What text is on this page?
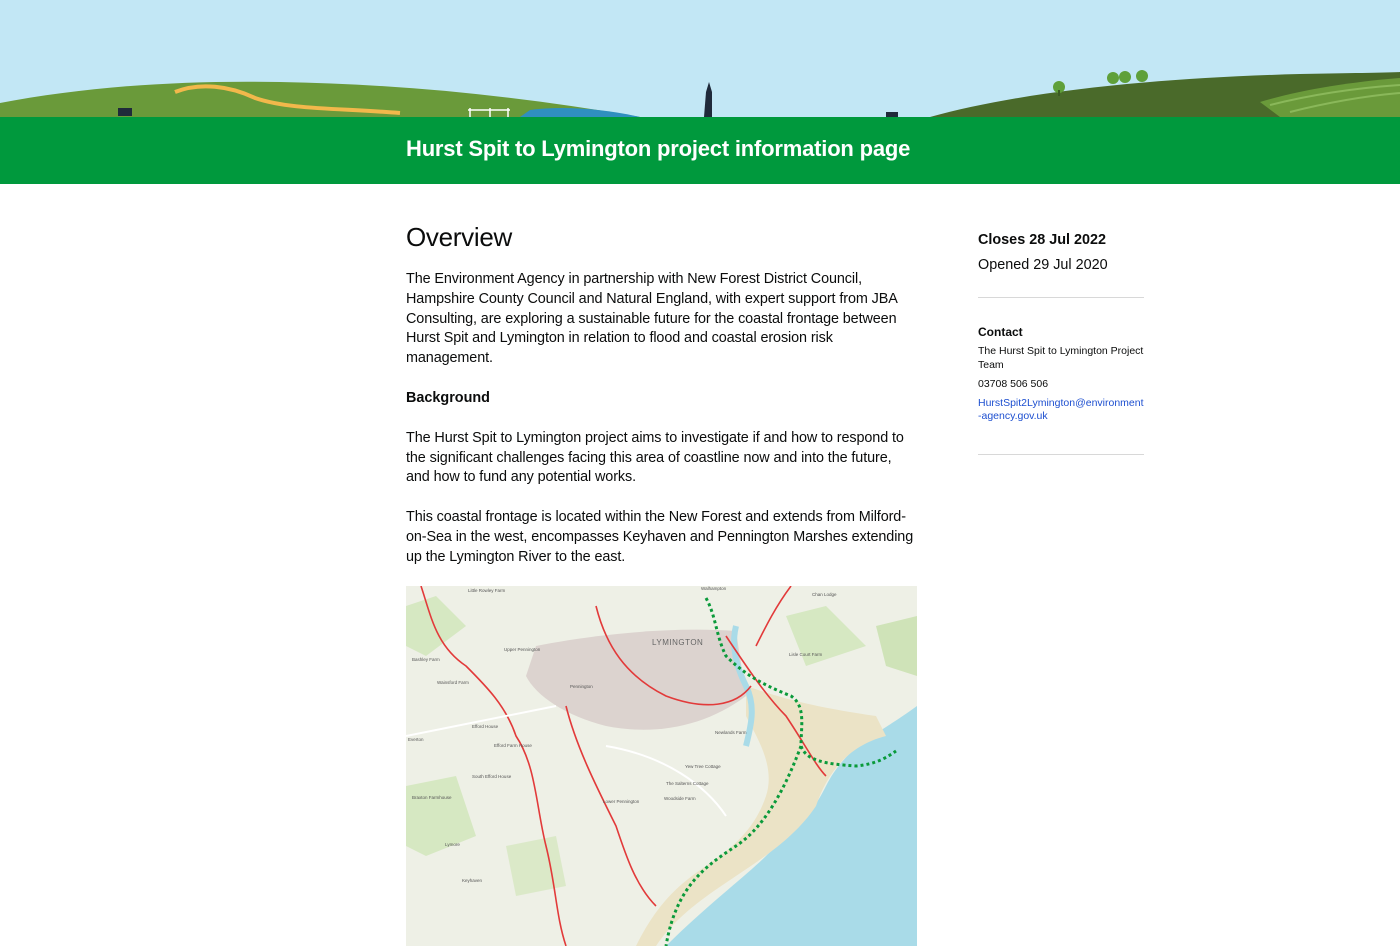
Hurst Spit to Lymington project information page
Overview

The Environment Agency in partnership with New Forest District Council, Hampshire County Council and Natural England, with expert support from JBA Consulting, are exploring a sustainable future for the coastal frontage between Hurst Spit and Lymington in relation to flood and coastal erosion risk management.

Background

The Hurst Spit to Lymington project aims to investigate if and how to respond to the significant challenges facing this area of coastline now and into the future, and how to fund any potential works.

This coastal frontage is located within the New Forest and extends from Milford-on-Sea in the west, encompasses Keyhaven and Pennington Marshes extending up the Lymington River to the east.

LYMINGTON
Little Rowley Farm	Walhampton
Upper Pennington
Bashley Farm
Wainsford Farm
Pennington
Efford House
Efford Farm House
Everton
South Efford House
Braxton Farmhouse
Lower Pennington
Woodside Farm
The Salterns Cottage
Yew Tree Cottage
Lymore
Keyhaven
Newlands Farm
Lisle Court Farm
Chan Lodge
Closes 28 Jul 2022
Opened 29 Jul 2020
Contact
The Hurst Spit to Lymington Project Team
03708 506 506
HurstSpit2Lymington@environment-agency.gov.uk
